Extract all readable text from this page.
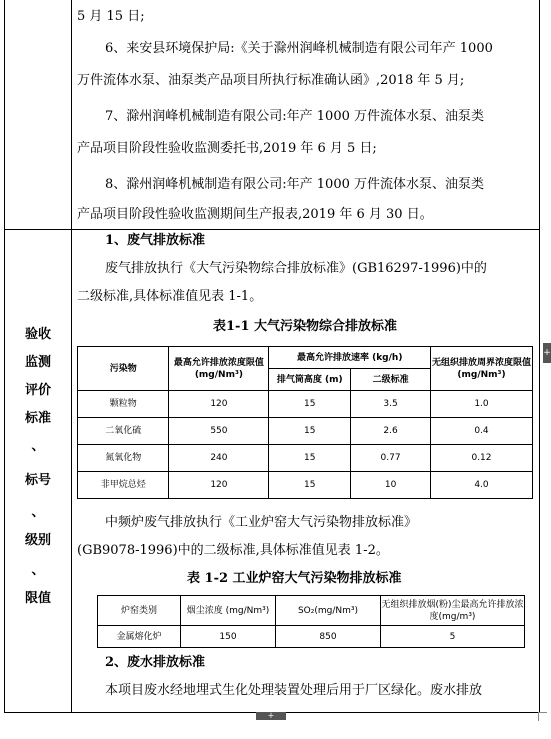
5 月 15 日;
6、来安县环境保护局:《关于滁州润峰机械制造有限公司年产 1000
万件流体水泵、油泵类产品项目所执行标准确认函》,2018 年 5 月;
7、滁州润峰机械制造有限公司:年产 1000 万件流体水泵、油泵类
产品项目阶段性验收监测委托书,2019 年 6 月 5 日;
8、滁州润峰机械制造有限公司:年产 1000 万件流体水泵、油泵类
产品项目阶段性验收监测期间生产报表,2019 年 6 月 30 日。
验收
监测
评价
标准
、
标号
、
级别
、
限值
1、废气排放标准
废气排放执行《大气污染物综合排放标准》(GB16297-1996)中的
二级标准,具体标准值见表 1-1。
表1-1 大气污染物综合排放标准
污染物	最高允许排放浓度限值 (mg/Nm³)	最高允许排放速率 (kg/h)		无组织排放周界浓度限值 (mg/Nm³)
		排气筒高度 (m)	二级标准	
颗粒物	120	15	3.5	1.0
二氧化硫	550	15	2.6	0.4
氮氧化物	240	15	0.77	0.12
非甲烷总烃	120	15	10	4.0
中频炉废气排放执行《工业炉窑大气污染物排放标准》
(GB9078-1996)中的二级标准,具体标准值见表 1-2。
表 1-2 工业炉窑大气污染物排放标准
炉窑类别	烟尘浓度 (mg/Nm³)	SO₂(mg/Nm³)	无组织排放烟(粉)尘最高允许排放浓度(mg/m³)
金属熔化炉	150	850	5
2、废水排放标准
本项目废水经地埋式生化处理装置处理后用于厂区绿化。废水排放
+
+
